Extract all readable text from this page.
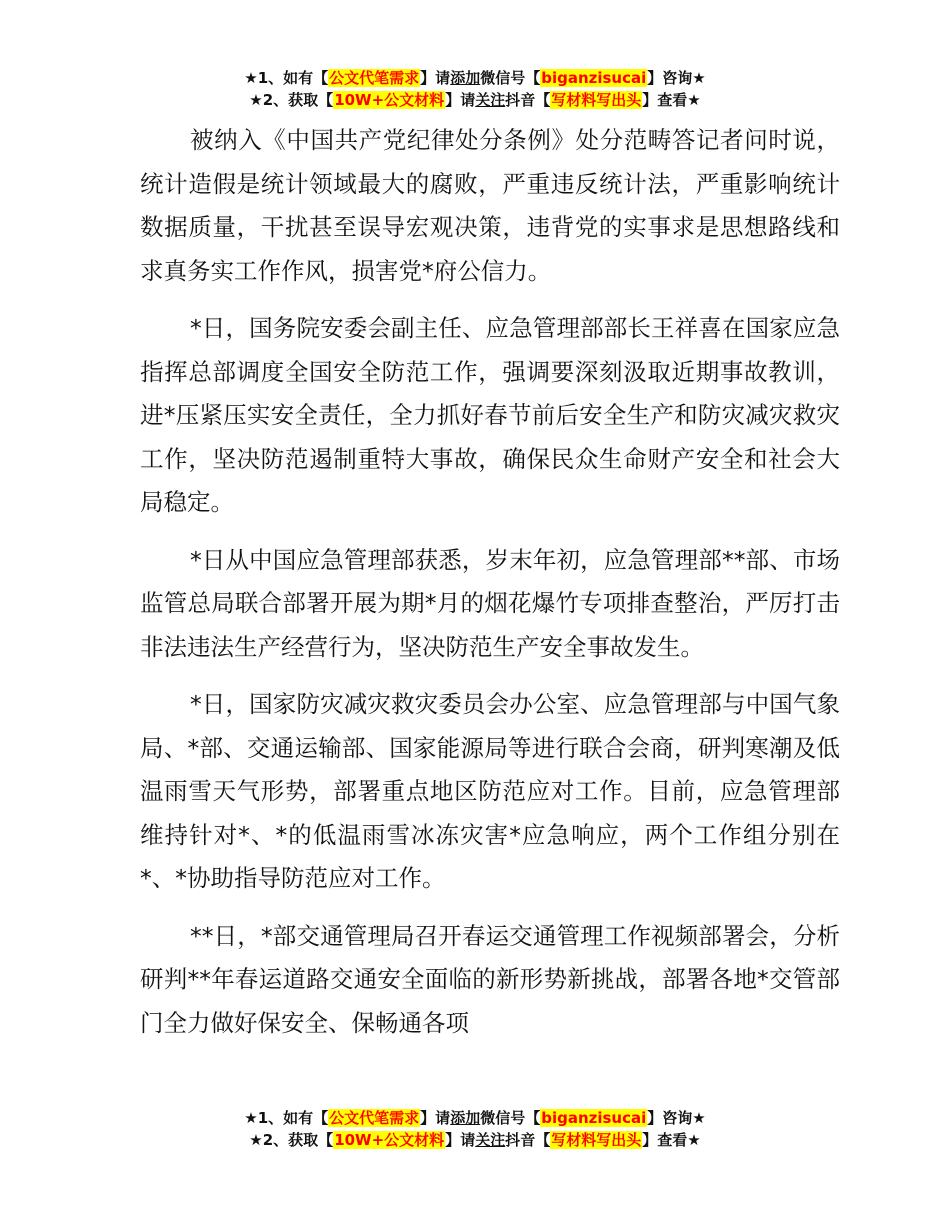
★1、如有【公文代笔需求】请添加微信号【biganzisucai】咨询★
★2、获取【10W+公文材料】请关注抖音【写材料写出头】查看★

被纳入《中国共产党纪律处分条例》处分范畴答记者问时说，统计造假是统计领域最大的腐败，严重违反统计法，严重影响统计数据质量，干扰甚至误导宏观决策，违背党的实事求是思想路线和求真务实工作作风，损害党*府公信力。

*日，国务院安委会副主任、应急管理部部长王祥喜在国家应急指挥总部调度全国安全防范工作，强调要深刻汲取近期事故教训，进*压紧压实安全责任，全力抓好春节前后安全生产和防灾减灾救灾工作，坚决防范遏制重特大事故，确保民众生命财产安全和社会大局稳定。

*日从中国应急管理部获悉，岁末年初，应急管理部**部、市场监管总局联合部署开展为期*月的烟花爆竹专项排查整治，严厉打击非法违法生产经营行为，坚决防范生产安全事故发生。

*日，国家防灾减灾救灾委员会办公室、应急管理部与中国气象局、*部、交通运输部、国家能源局等进行联合会商，研判寒潮及低温雨雪天气形势，部署重点地区防范应对工作。目前，应急管理部维持针对*、*的低温雨雪冰冻灾害*应急响应，两个工作组分别在*、*协助指导防范应对工作。

**日，*部交通管理局召开春运交通管理工作视频部署会，分析研判**年春运道路交通安全面临的新形势新挑战，部署各地*交管部门全力做好保安全、保畅通各项

★1、如有【公文代笔需求】请添加微信号【biganzisucai】咨询★
★2、获取【10W+公文材料】请关注抖音【写材料写出头】查看★
